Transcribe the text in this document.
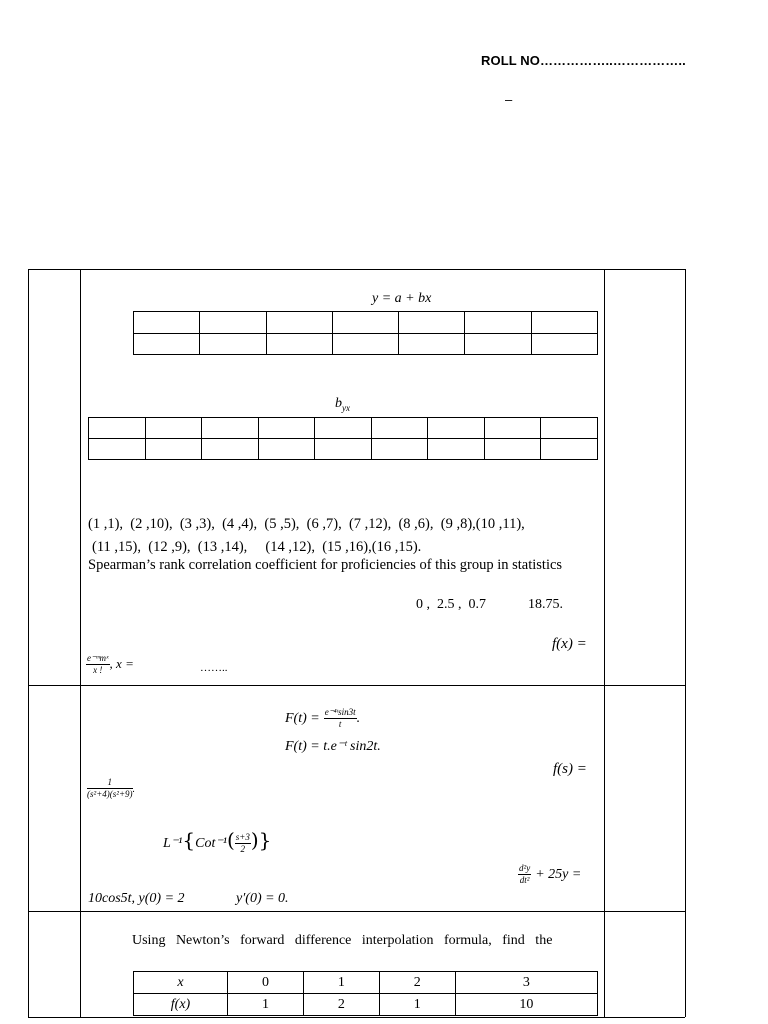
ROLL NO……………..……………..
–
y = a + bx

$b_{yx}$

(1 ,1),  (2 ,10),  (3 ,3),  (4 ,4),  (5 ,5),  (6 ,7),  (7 ,12),  (8 ,6),  (9 ,8),(10 ,11),
(11 ,15),  (12 ,9),  (13 ,14),     (14 ,12),  (15 ,16),(16 ,15).
Spearman’s rank correlation coefficient for proficiencies of this group in statistics
0 ,  2.5 ,  0.7	18.75.
f(x) =
$\frac{\text{e⁻ᵐmˣ}}{x !}$ , x =	……..
$F(t) = \frac{\text{e⁻⁴ᵗsin3t}}{t}$ .
F(t) = t.e⁻ᵗ sin2t.
f(s) =
$\frac{1}{\text{(s²+4)(s²+9)}}$ .
$L^{-1}\{Cot^{-1}( \frac{s+3}{2}$ )}
$\frac{\text{d²y}}{\text{dt²}} + 25y$ =
10cos5t, y(0) = 2	y′(0) = 0.
Using   Newton’s   forward   difference   interpolation   formula,   find   the
x	0	1	2	3
f(x)	1	2	1	10
